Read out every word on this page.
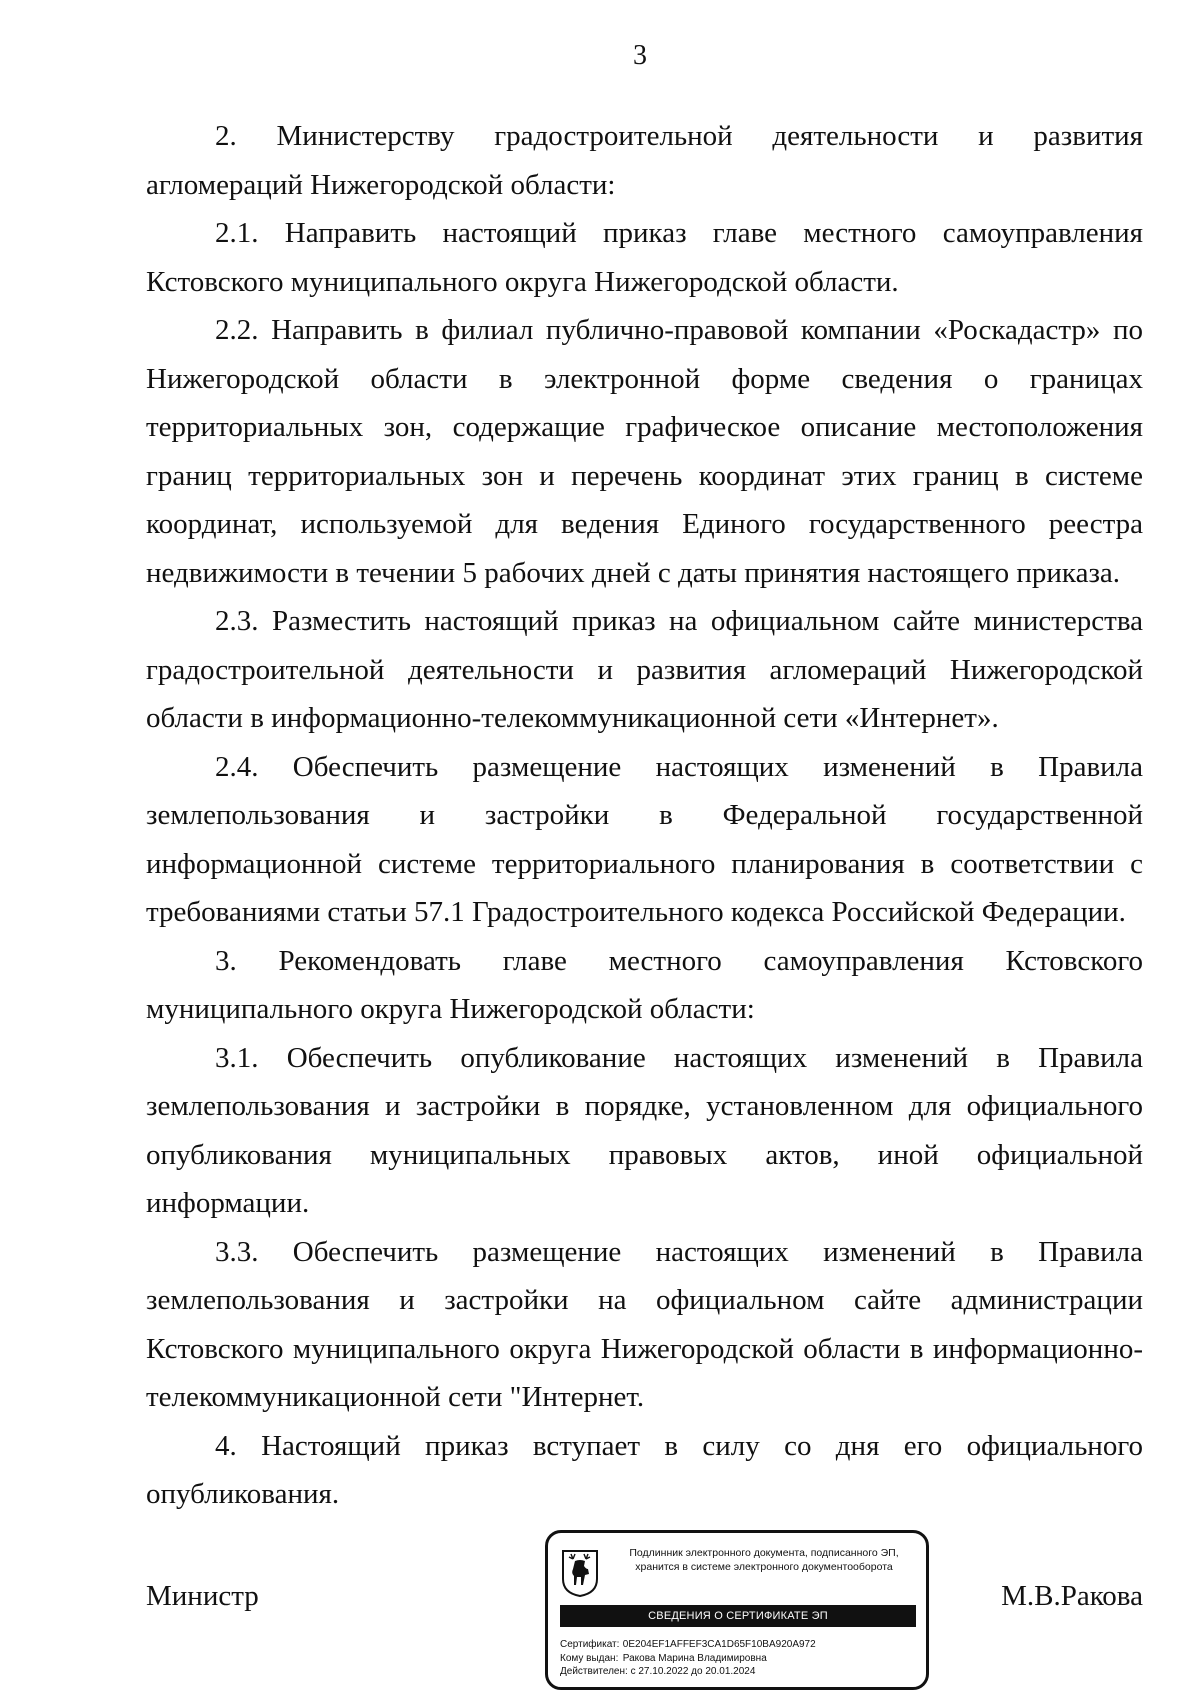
3

2. Министерству градостроительной деятельности и развития агломераций Нижегородской области:

2.1. Направить настоящий приказ главе местного самоуправления Кстовского муниципального округа Нижегородской области.

2.2. Направить в филиал публично-правовой компании «Роскадастр» по Нижегородской области в электронной форме сведения о границах территориальных зон, содержащие графическое описание местоположения границ территориальных зон и перечень координат этих границ в системе координат, используемой для ведения Единого государственного реестра недвижимости в течении 5 рабочих дней с даты принятия настоящего приказа.

2.3. Разместить настоящий приказ на официальном сайте министерства градостроительной деятельности и развития агломераций Нижегородской области в информационно-телекоммуникационной сети «Интернет».

2.4. Обеспечить размещение настоящих изменений в Правила землепользования и застройки в Федеральной государственной информационной системе территориального планирования в соответствии с требованиями статьи 57.1 Градостроительного кодекса Российской Федерации.

3. Рекомендовать главе местного самоуправления Кстовского муниципального округа Нижегородской области:

3.1. Обеспечить опубликование настоящих изменений в Правила землепользования и застройки в порядке, установленном для официального опубликования муниципальных правовых актов, иной официальной информации.

3.3. Обеспечить размещение настоящих изменений в Правила землепользования и застройки на официальном сайте администрации Кстовского муниципального округа Нижегородской области в информационно-телекоммуникационной сети "Интернет.

4. Настоящий приказ вступает в силу со дня его официального опубликования.

Министр	М.В.Ракова
Подлинник электронного документа, подписанного ЭП,
хранится в системе электронного документооборота
СВЕДЕНИЯ О СЕРТИФИКАТЕ ЭП
Сертификат: 0E204EF1AFFEF3CA1D65F10BA920A972
Кому выдан: Ракова Марина Владимировна
Действителен: с 27.10.2022 до 20.01.2024
